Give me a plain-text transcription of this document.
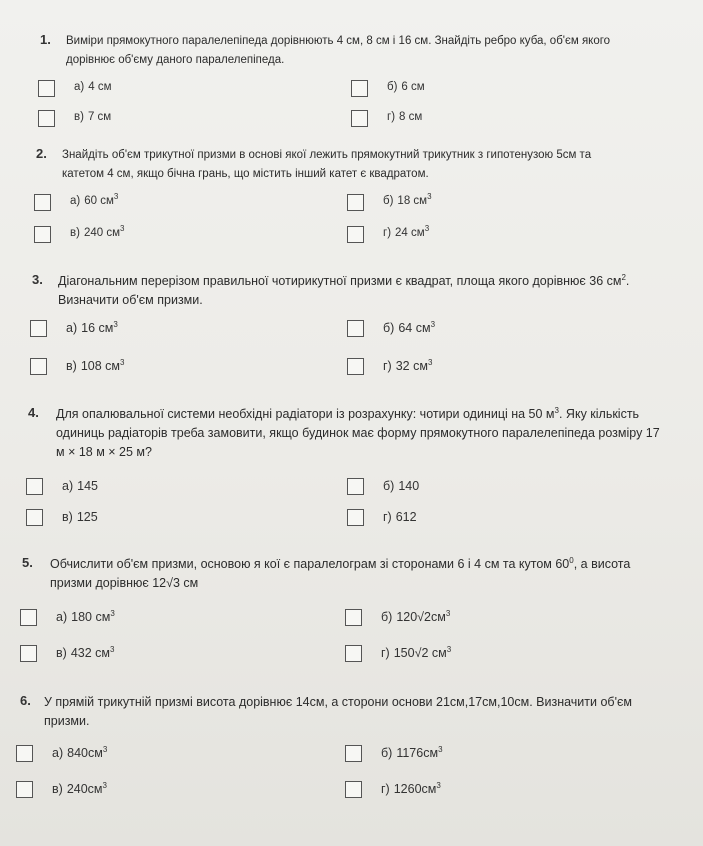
1. Виміри прямокутного паралелепіпеда дорівнюють 4 см, 8 см і 16 см. Знайдіть ребро куба, об'єм якого
дорівнює об'єму даного паралелепіпеда.
а) 4 см	б) 6 см
в) 7 см	г) 8 см
2. Знайдіть об'єм трикутної призми в основі якої лежить прямокутний трикутник з гипотенузою 5см та
катетом 4 см, якщо бічна грань, що містить інший катет є квадратом.
а) 60 $см^3$	б) 18 $см^3$
в) 240 $см^3$	г) 24 $см^3$
3. Діагональним перерізом правильної чотирикутної призми є квадрат, площа якого дорівнює 36 $см^2$.
Визначити об'єм призми.
а) 16 $см^3$	б) 64 $см^3$
в) 108 $см^3$	г) 32 $см^3$
4. Для опалювальної системи необхідні радіатори із розрахунку: чотири одиниці на 50 $м^3$. Яку кількість
одиниць радіаторів треба замовити, якщо будинок має форму прямокутного паралелепіпеда розміру 17
м × 18 м × 25 м?
а) 145	б) 140
в) 125	г) 612
5. Обчислити об'єм призми, основою я кої є паралелограм зі сторонами 6 і 4 см та кутом $60^0$, а висота
призми дорівнює 12√3 см
а) 180 $см^3$	б) $120√2см^3$
в) 432 $см^3$	г) 150√2 $см^3$
6. У прямій трикутній призмі висота дорівнює 14см, а сторони основи 21см,17см,10см. Визначити об'єм
призми.
а) $840см^3$	б) $1176см^3$
в) $240см^3$	г) $1260см^3$
